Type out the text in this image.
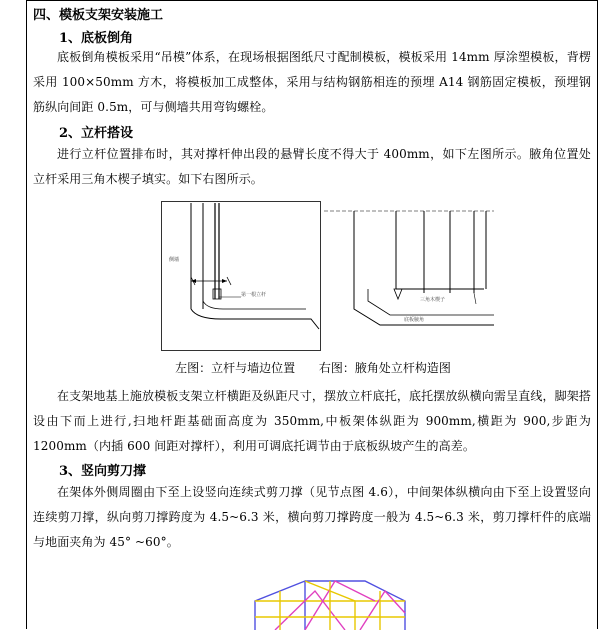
四、模板支架安装施工
1、底板倒角
底板倒角模板采用“吊模”体系，在现场根据图纸尺寸配制模板，模板采用 14mm 厚涂塑模板，背楞采用 100×50mm 方木，将模板加工成整体，采用与结构钢筋相连的预埋 A14 钢筋固定模板，预埋钢筋纵向间距 0.5m，可与侧墙共用弯钩螺栓。
2、立杆搭设
进行立杆位置排布时，其对撑杆伸出段的悬臂长度不得大于 400mm，如下左图所示。腋角位置处立杆采用三角木楔子填实。如下右图所示。
第一根立杆
侧墙
三角木楔子
底板腋角
左图：立杆与墙边位置 右图：腋角处立杆构造图
在支架地基上施放模板支架立杆横距及纵距尺寸，摆放立杆底托，底托摆放纵横向需呈直线，脚架搭设由下而上进行,扫地杆距基础面高度为 350mm,中板架体纵距为 900mm,横距为 900,步距为 1200mm（内插 600 间距对撑杆），利用可调底托调节由于底板纵坡产生的高差。
3、竖向剪刀撑
在架体外侧周圈由下至上设竖向连续式剪刀撑（见节点图 4.6），中间架体纵横向由下至上设置竖向连续剪刀撑，纵向剪刀撑跨度为 4.5~6.3 米，横向剪刀撑跨度一般为 4.5~6.3 米，剪刀撑杆件的底端与地面夹角为 45° ~60°。
